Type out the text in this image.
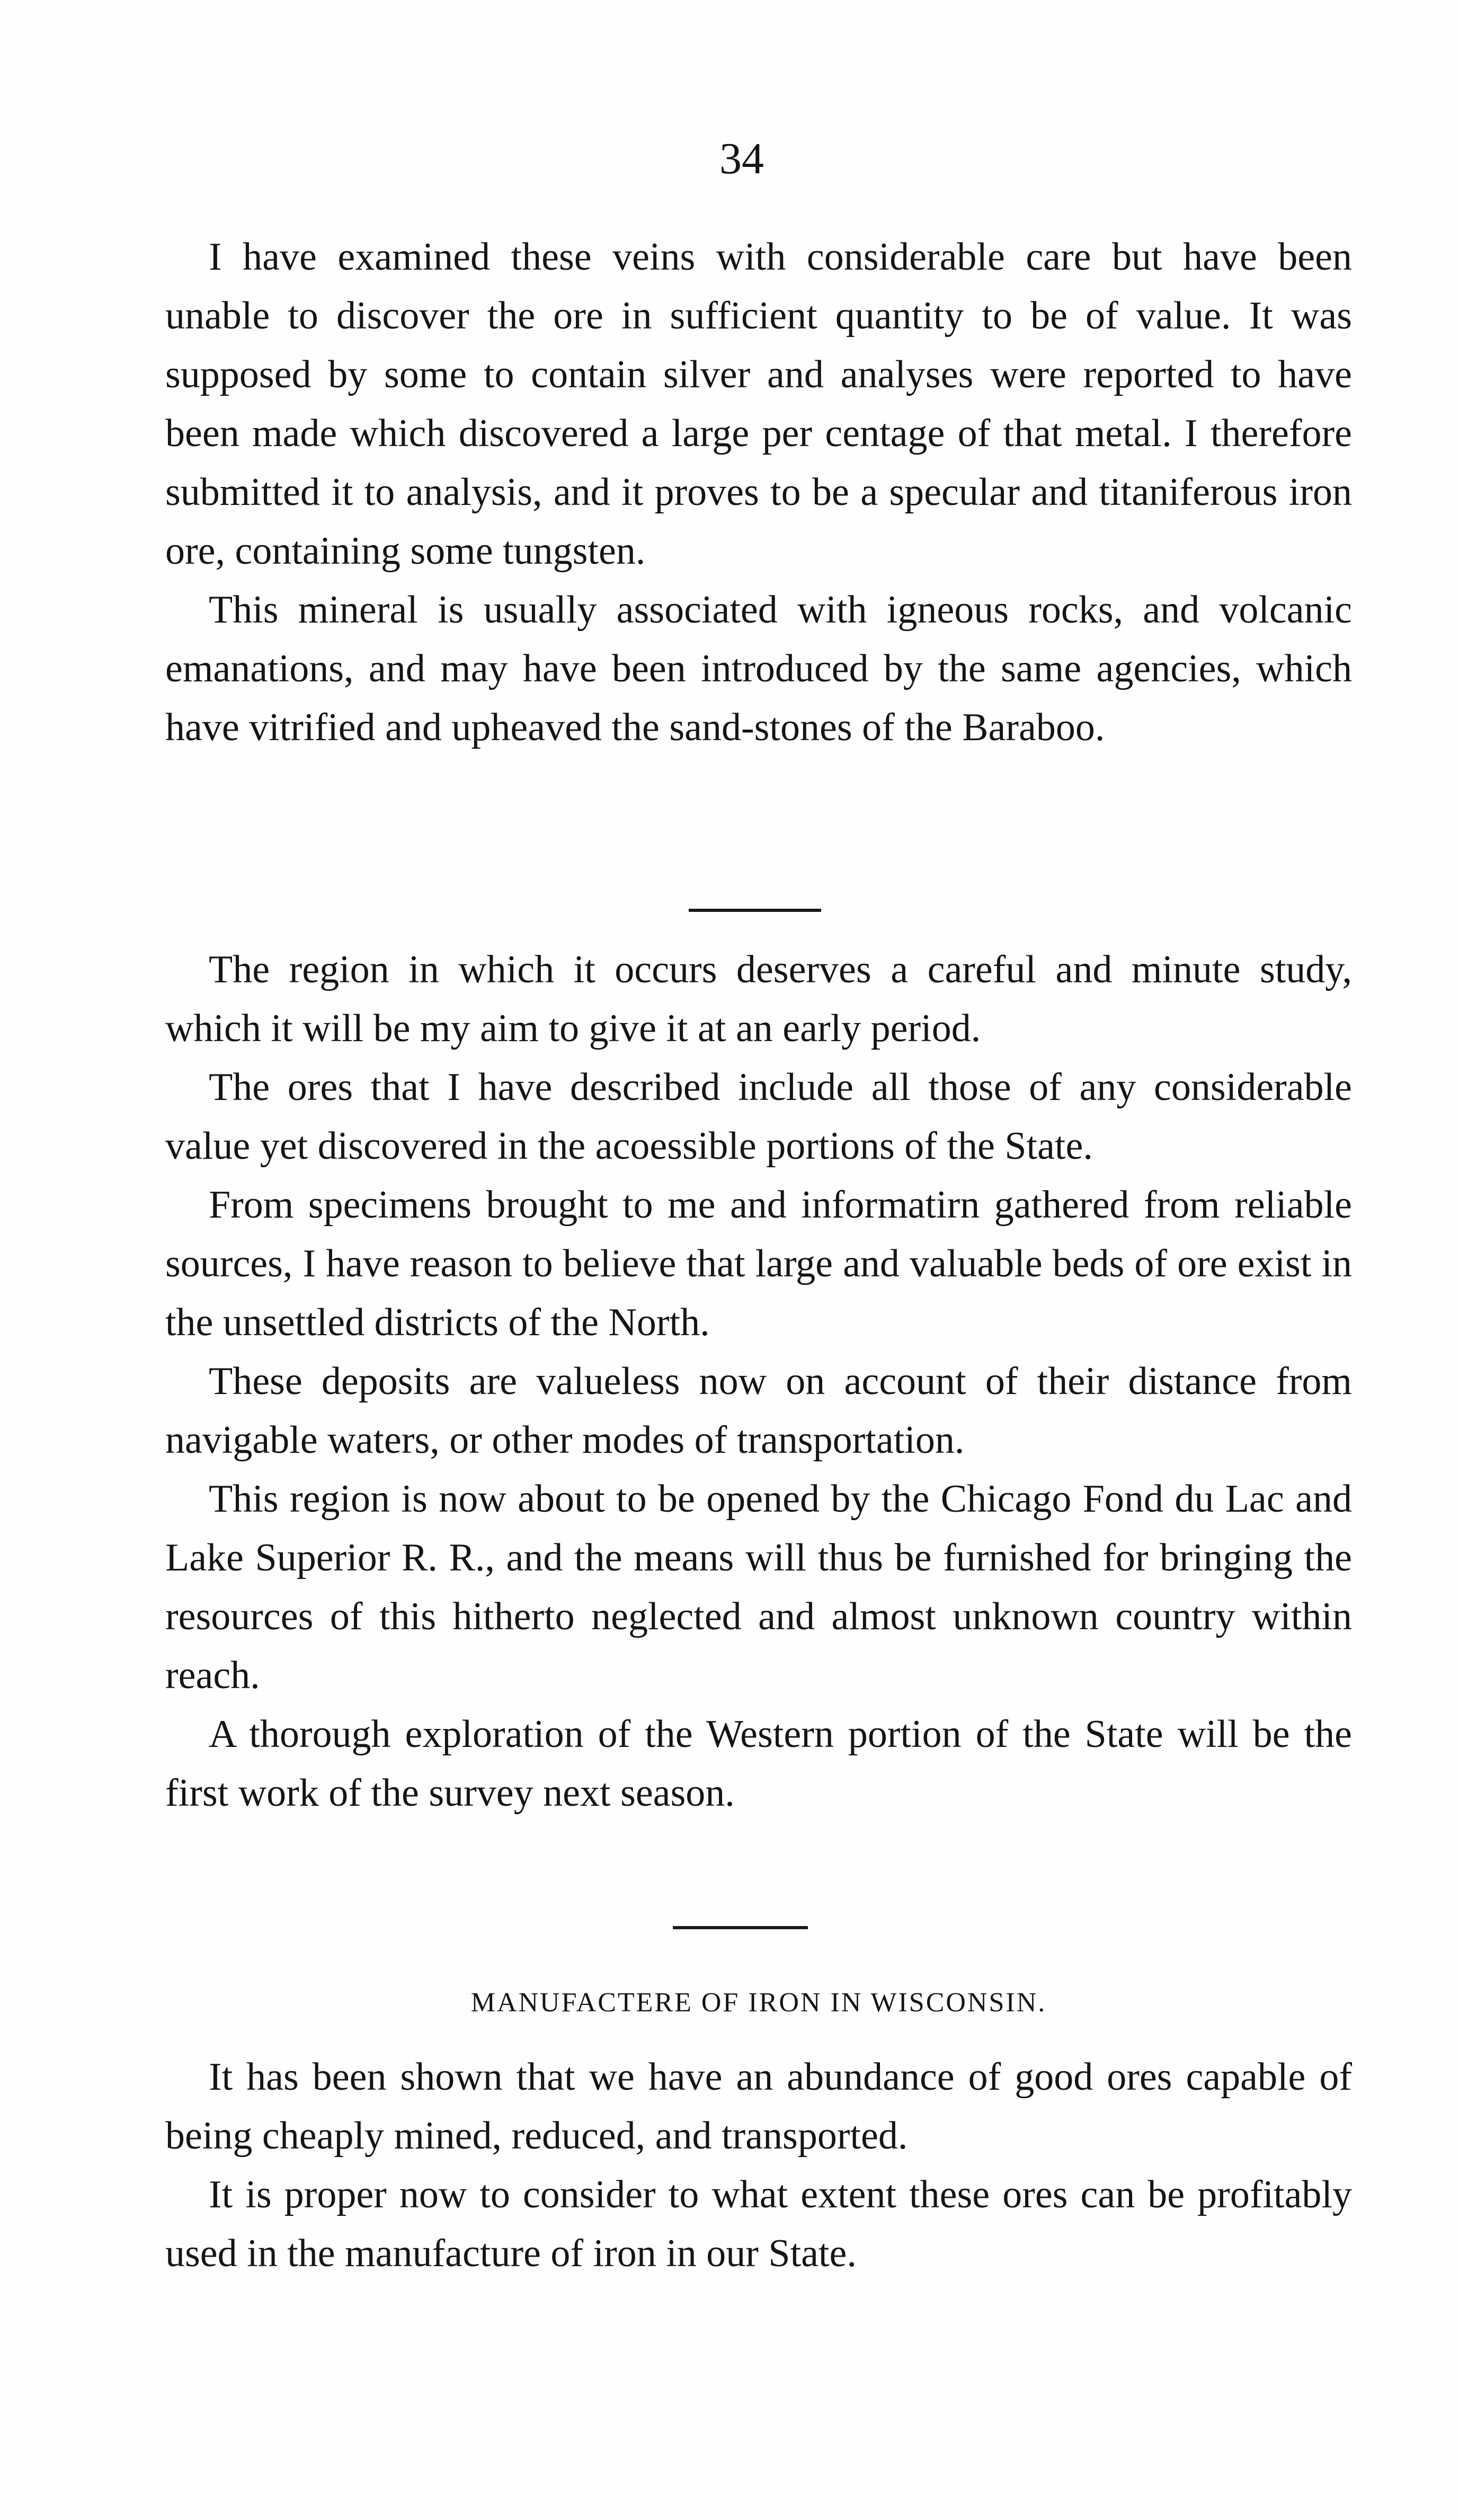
34

I have examined these veins with considerable care but have been unable to discover the ore in sufficient quantity to be of value. It was supposed by some to contain silver and analyses were reported to have been made which discovered a large per centage of that metal. I therefore submitted it to analysis, and it proves to be a specular and titaniferous iron ore, containing some tungsten.

This mineral is usually associated with igneous rocks, and volcanic emanations, and may have been introduced by the same agencies, which have vitrified and upheaved the sand-stones of the Baraboo.

The region in which it occurs deserves a careful and minute study, which it will be my aim to give it at an early period.

The ores that I have described include all those of any considerable value yet discovered in the acoessible portions of the State.

From specimens brought to me and informatirn gathered from reliable sources, I have reason to believe that large and valuable beds of ore exist in the unsettled districts of the North.

These deposits are valueless now on account of their distance from navigable waters, or other modes of transportation.

This region is now about to be opened by the Chicago Fond du Lac and Lake Superior R. R., and the means will thus be furnished for bringing the resources of this hitherto neglected and almost unknown country within reach.

A thorough exploration of the Western portion of the State will be the first work of the survey next season.

MANUFACTERE OF IRON IN WISCONSIN.

It has been shown that we have an abundance of good ores capable of being cheaply mined, reduced, and transported.

It is proper now to consider to what extent these ores can be profitably used in the manufacture of iron in our State.
